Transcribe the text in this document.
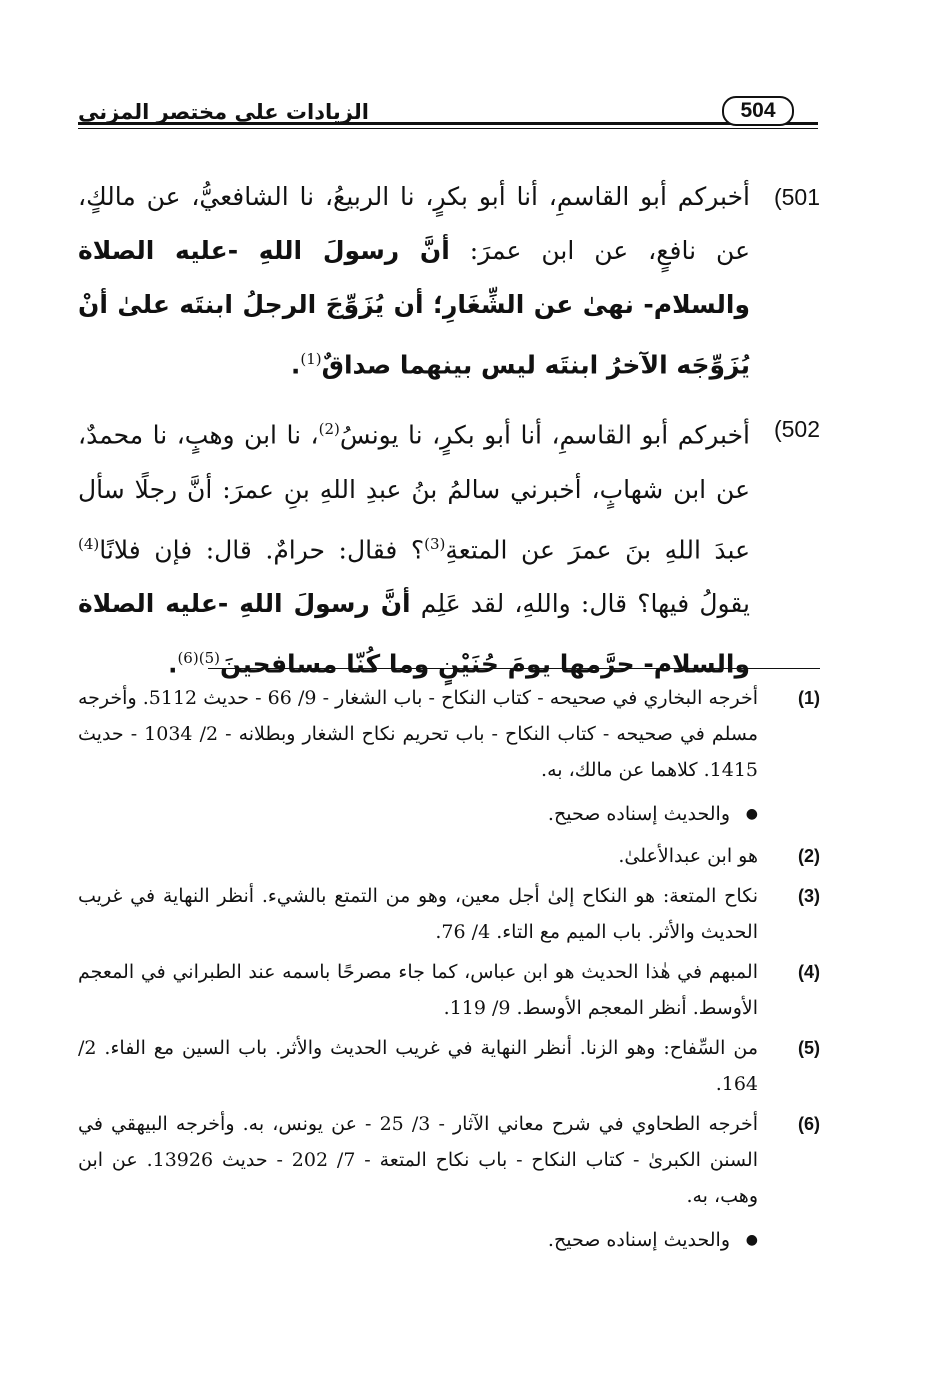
الزيادات على مختصر المزني	504
(501
أخبركم أبو القاسمِ، أنا أبو بكرٍ، نا الربيعُ، نا الشافعيُّ، عن مالكٍ، عن نافعٍ، عن ابن عمرَ: أنَّ رسولَ اللهِ -عليه الصلاة والسلام- نهىٰ عن الشِّغَارِ؛ أن يُزَوِّجَ الرجلُ ابنتَه علىٰ أنْ يُزَوِّجَه الآخرُ ابنتَه ليس بينهما صداقٌ$^{(1)}$.
(502
أخبركم أبو القاسمِ، أنا أبو بكرٍ، نا يونسُ$^{(2)}$، نا ابن وهبٍ، نا محمدٌ، عن ابن شهابٍ، أخبرني سالمُ بنُ عبدِ اللهِ بنِ عمرَ: أنَّ رجلًا سأل عبدَ اللهِ بنَ عمرَ عن المتعةِ$^{(3)}$؟ فقال: حرامٌ. قال: فإن فلانًا$^{(4)}$ يقولُ فيها؟ قال: واللهِ، لقد عَلِم أنَّ رسولَ اللهِ -عليه الصلاة والسلام- حرَّمها يومَ حُنَيْنٍ وما كُنّا مسافحينَ$^{(5)(6)}$.
(1)
أخرجه البخاري في صحيحه - كتاب النكاح - باب الشغار - 9/ 66 - حديث 5112. وأخرجه مسلم في صحيحه - كتاب النكاح - باب تحريم نكاح الشغار وبطلانه - 2/ 1034 - حديث 1415. كلاهما عن مالك، به.
● والحديث إسناده صحيح.
(2)
هو ابن عبدالأعلىٰ.
(3)
نكاح المتعة: هو النكاح إلىٰ أجل معين، وهو من التمتع بالشيء. أنظر النهاية في غريب الحديث والأثر. باب الميم مع التاء. 4/ 76.
(4)
المبهم في هٰذا الحديث هو ابن عباس، كما جاء مصرحًا باسمه عند الطبراني في المعجم الأوسط. أنظر المعجم الأوسط. 9/ 119.
(5)
من السِّفاح: وهو الزنا. أنظر النهاية في غريب الحديث والأثر. باب السين مع الفاء. 2/ 164.
(6)
أخرجه الطحاوي في شرح معاني الآثار - 3/ 25 - عن يونس، به. وأخرجه البيهقي في السنن الكبرىٰ - كتاب النكاح - باب نكاح المتعة - 7/ 202 - حديث 13926. عن ابن وهب، به.
● والحديث إسناده صحيح.
